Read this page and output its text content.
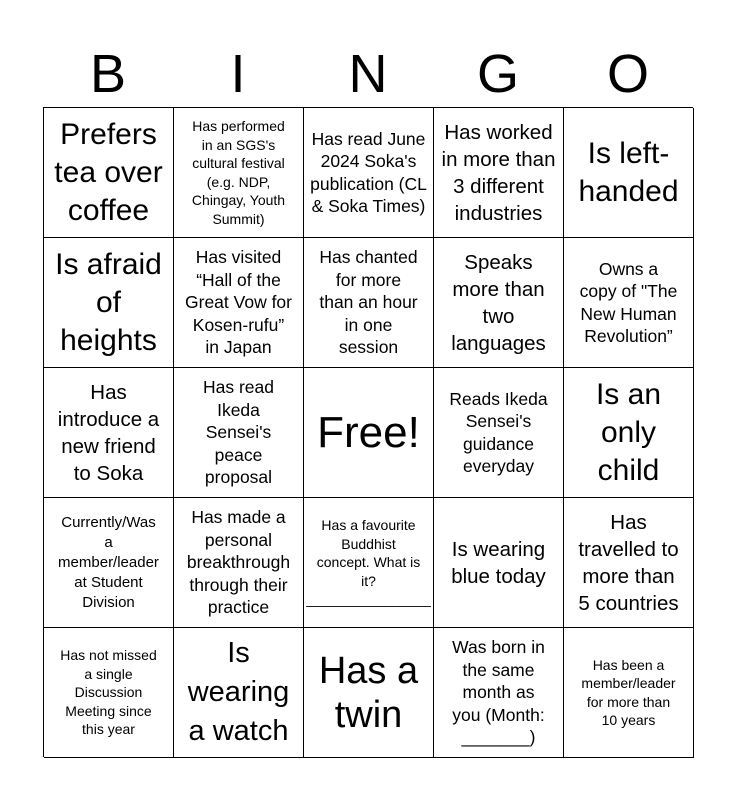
B	I	N	G	O
Prefers
tea over
coffee
Has performed
in an SGS's
cultural festival
(e.g. NDP,
Chingay, Youth
Summit)
Has read June
2024 Soka's
publication (CL
& Soka Times)
Has worked
in more than
3 different
industries
Is left-
handed
Is afraid
of
heights
Has visited
“Hall of the
Great Vow for
Kosen-rufu”
in Japan
Has chanted
for more
than an hour
in one
session
Speaks
more than
two
languages
Owns a
copy of "The
New Human
Revolution”
Has
introduce a
new friend
to Soka
Has read
Ikeda
Sensei's
peace
proposal
Free!
Reads Ikeda
Sensei's
guidance
everyday
Is an
only
child
Currently/Was
a
member/leader
at Student
Division
Has made a
personal
breakthrough
through their
practice
Has a favourite
Buddhist
concept. What is
it?

________________
Is wearing
blue today
Has
travelled to
more than
5 countries
Has not missed
a single
Discussion
Meeting since
this year
Is
wearing
a watch
Has a
twin
Was born in
the same
month as
you (Month:
_______)
Has been a
member/leader
for more than
10 years
